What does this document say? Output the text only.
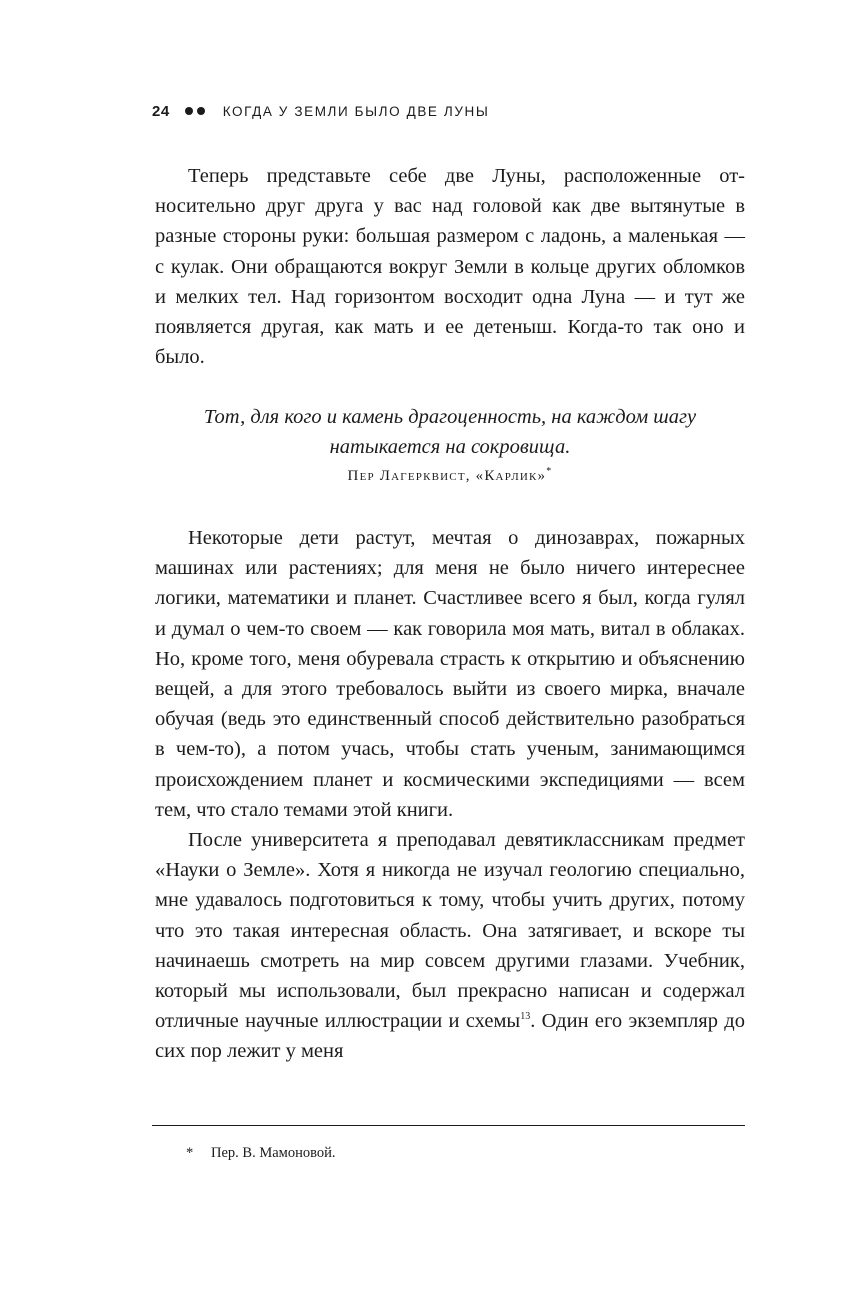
24	КОГДА У ЗЕМЛИ БЫЛО ДВЕ ЛУНЫ

Теперь представьте себе две Луны, расположенные относительно друг друга у вас над головой как две вытянутые в разные стороны руки: большая размером с ладонь, а маленькая — с кулак. Они обращаются вокруг Земли в кольце других обломков и мелких тел. Над горизонтом восходит одна Луна — и тут же появляется другая, как мать и ее детеныш. Когда-то так оно и было.

Тот, для кого и камень драгоценность, на каждом шагу
натыкается на сокровища.
Пер Лагерквист, «Карлик»*

Некоторые дети растут, мечтая о динозаврах, пожарных машинах или растениях; для меня не было ничего интереснее логики, математики и планет. Счастливее всего я был, когда гулял и думал о чем-то своем — как говорила моя мать, витал в облаках. Но, кроме того, меня обуревала страсть к открытию и объяснению вещей, а для этого требовалось выйти из своего мирка, вначале обучая (ведь это единственный способ действительно разобраться в чем-то), а потом учась, чтобы стать ученым, занимающимся происхождением планет и космическими экспедициями — всем тем, что стало темами этой книги.

После университета я преподавал девятиклассникам предмет «Науки о Земле». Хотя я никогда не изучал геологию специально, мне удавалось подготовиться к тому, чтобы учить других, потому что это такая интересная область. Она затягивает, и вскоре ты начинаешь смотреть на мир совсем другими глазами. Учебник, который мы использовали, был прекрасно написан и содержал отличные научные иллюстрации и схемы$^{13}$. Один его экземпляр до сих пор лежит у меня

* Пер. В. Мамоновой.
